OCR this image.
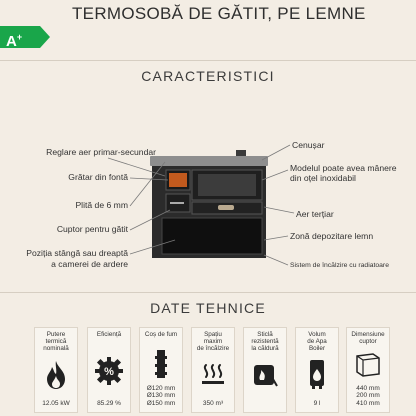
TERMOSOBĂ DE GĂTIT, PE LEMNE
A+
CARACTERISTICI
Reglare aer primar-secundar
Grătar din fontă
Plită de 6 mm
Cuptor pentru gătit
Poziția stângă sau dreaptă
a camerei de ardere
Cenușar
Modelul poate avea mânere
din oțel inoxidabil
Aer terțiar
Zonă depozitare lemn
Sistem de încălzire cu radiatoare
DATE TEHNICE
Putere
termică
nominală
12.05 kW
Eficiență
%
85.29 %
Coș de fum
Ø120 mm
Ø130 mm
Ø150 mm
Spațiu
maxim
de încălzire
350 m³
Sticlă
rezistentă
la căldură
Volum
de Apa
Boiler
9 l
Dimensiune
cuptor
440 mm
200 mm
410 mm
